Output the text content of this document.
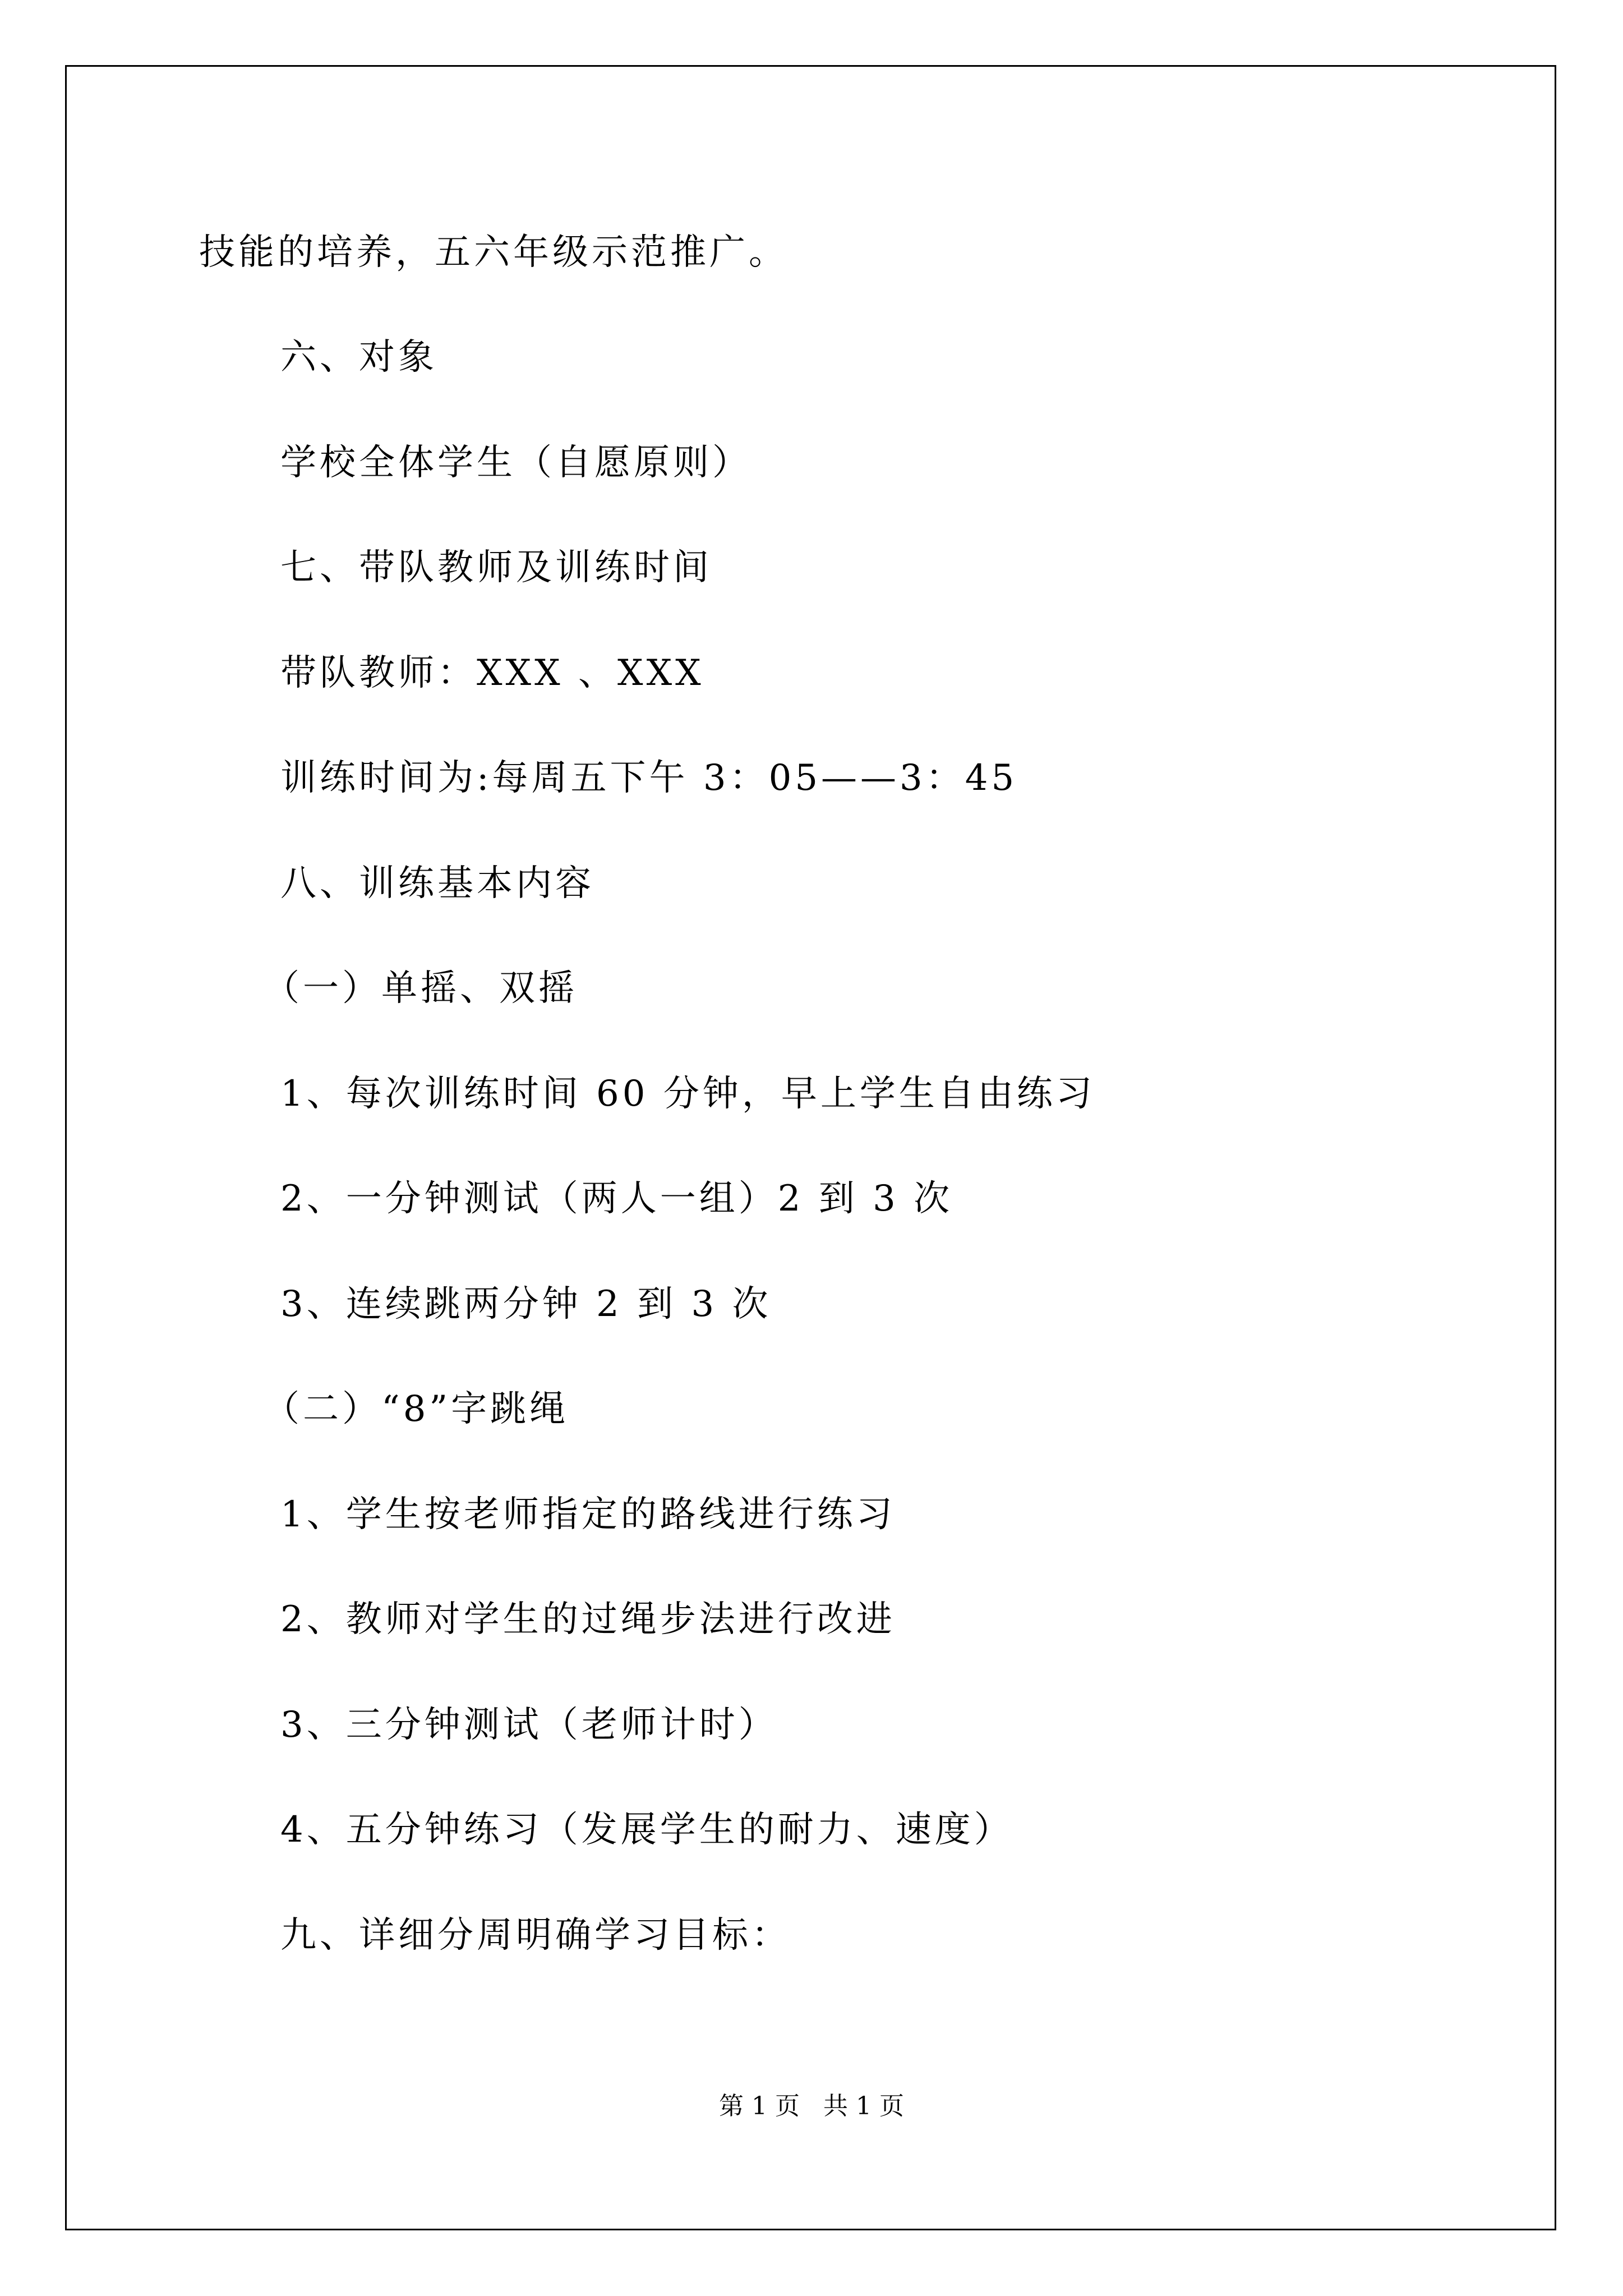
技能的培养，五六年级示范推广。
六、对象
学校全体学生（自愿原则）
七、带队教师及训练时间
带队教师：XXX 、XXX
训练时间为:每周五下午 3：05——3：45
八、训练基本内容
（一）单摇、双摇
1、每次训练时间 60 分钟，早上学生自由练习
2、一分钟测试（两人一组）2 到 3 次
3、连续跳两分钟 2 到 3 次
（二）“8”字跳绳
1、学生按老师指定的路线进行练习
2、教师对学生的过绳步法进行改进
3、三分钟测试（老师计时）
4、五分钟练习（发展学生的耐力、速度）
九、详细分周明确学习目标：
第 1 页 共 1 页
